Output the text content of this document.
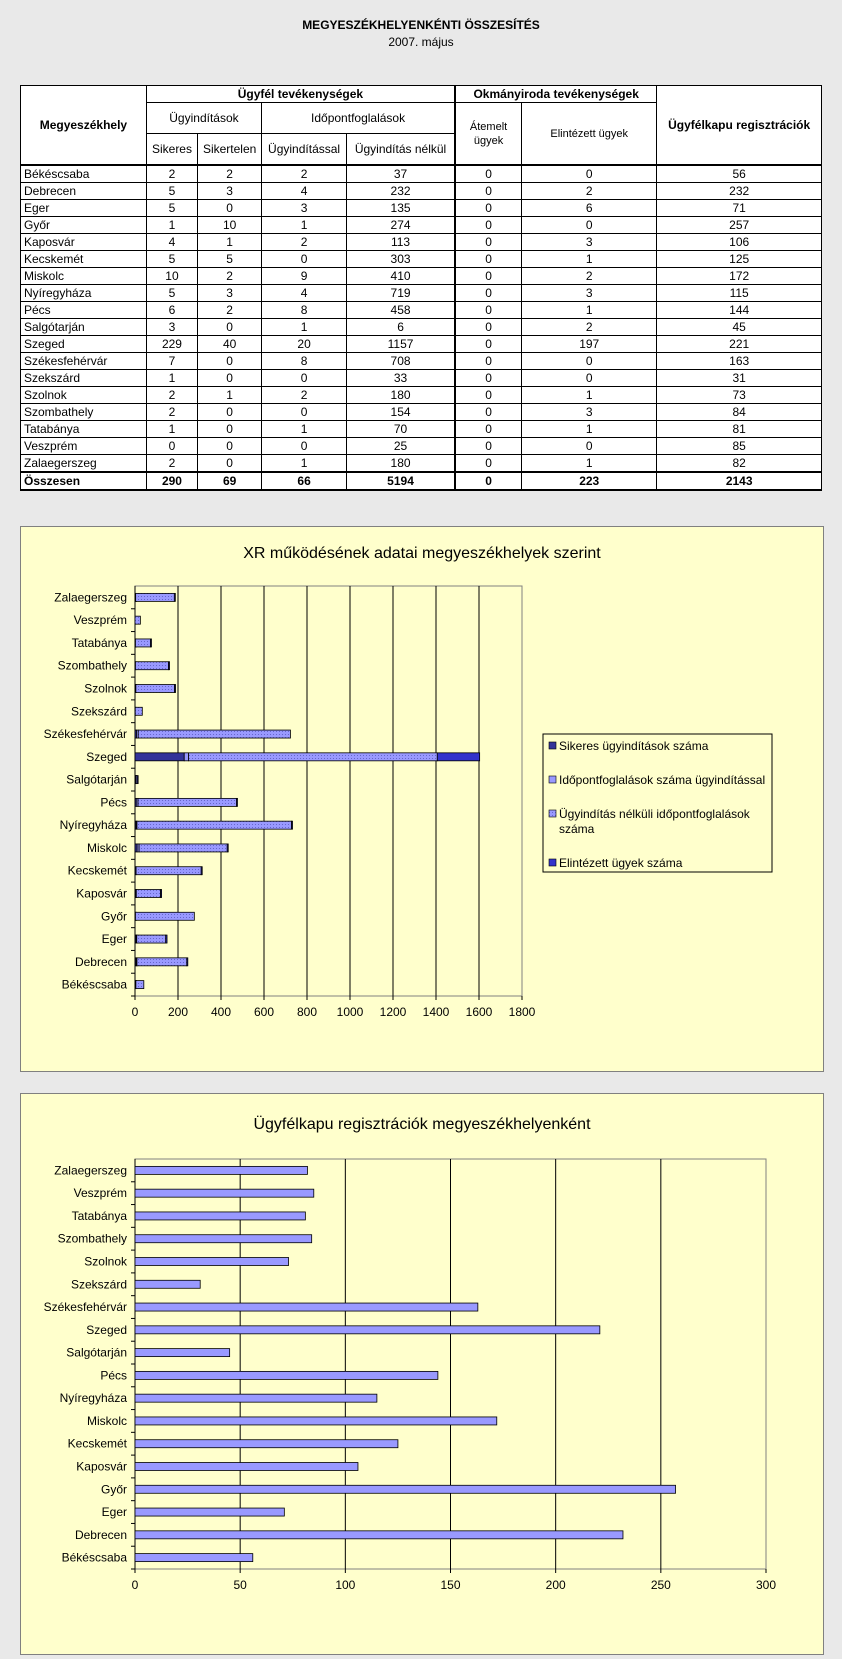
MEGYESZÉKHELYENKÉNTI ÖSSZESÍTÉS
2007. május
Megyeszékhely	Ügyfél tevékenységek				Okmányiroda tevékenységek		Ügyfélkapu regisztrációk
	Ügyindítások		Időpontfoglalások		Átemelt ügyek	Elintézett ügyek	
	Sikeres	Sikertelen	Ügyindítással	Ügyindítás nélkül			
Békéscsaba	2	2	2	37	0	0	56
Debrecen	5	3	4	232	0	2	232
Eger	5	0	3	135	0	6	71
Győr	1	10	1	274	0	0	257
Kaposvár	4	1	2	113	0	3	106
Kecskemét	5	5	0	303	0	1	125
Miskolc	10	2	9	410	0	2	172
Nyíregyháza	5	3	4	719	0	3	115
Pécs	6	2	8	458	0	1	144
Salgótarján	3	0	1	6	0	2	45
Szeged	229	40	20	1157	0	197	221
Székesfehérvár	7	0	8	708	0	0	163
Szekszárd	1	0	0	33	0	0	31
Szolnok	2	1	2	180	0	1	73
Szombathely	2	0	0	154	0	3	84
Tatabánya	1	0	1	70	0	1	81
Veszprém	0	0	0	25	0	0	85
Zalaegerszeg	2	0	1	180	0	1	82
Összesen	290	69	66	5194	0	223	2143
XR működésének adatai megyeszékhelyek szerint
0 200 400 600 800 1000 1200 1400 1600 1800
Békéscsaba
Debrecen
Eger
Győr
Kaposvár
Kecskemét
Miskolc
Nyíregyháza
Pécs
Salgótarján
Szeged
Székesfehérvár
Szekszárd
Szolnok
Szombathely
Tatabánya
Veszprém
Zalaegerszeg
Sikeres ügyindítások száma
Időpontfoglalások száma ügyindítással
Ügyindítás nélküli időpontfoglalások
száma
Elintézett ügyek száma
Ügyfélkapu regisztrációk megyeszékhelyenként
0	50	100	150	200	250	300
Békéscsaba
Debrecen
Eger
Győr
Kaposvár
Kecskemét
Miskolc
Nyíregyháza
Pécs
Salgótarján
Szeged
Székesfehérvár
Szekszárd
Szolnok
Szombathely
Tatabánya
Veszprém
Zalaegerszeg
